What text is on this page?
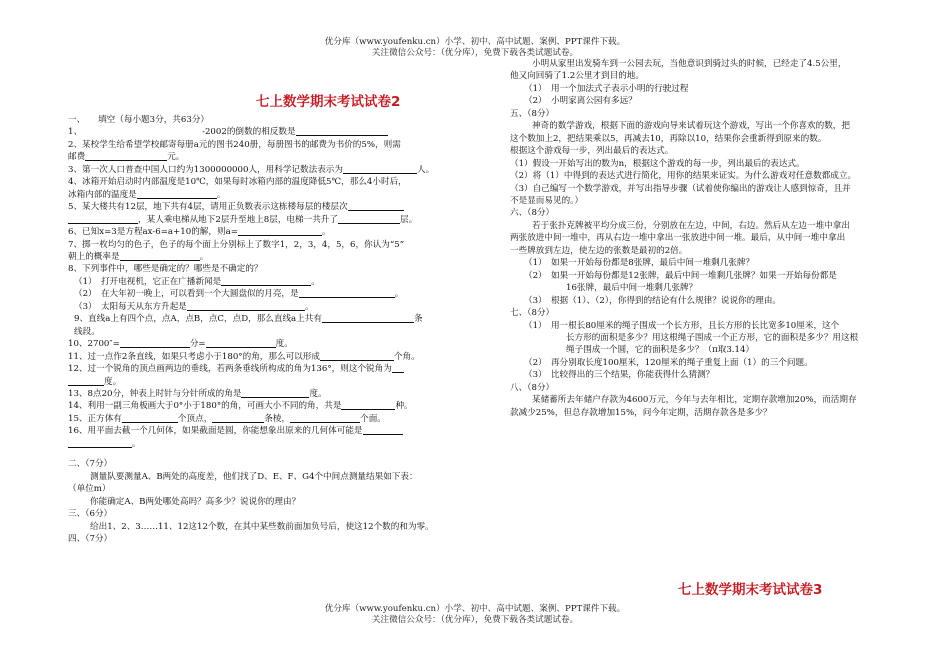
优分库（www.youfenku.cn）小学、初中、高中试题、案例、PPT课件下载。

关注微信公众号：（优分库），免费下载各类试题试卷。

七上数学期末考试试卷2

一、　　填空（每小题3分，共63分）

1、	-2002的倒数的相反数是

2、某校学生给希望学校邮寄每册a元的图书240册，每册图书的邮费为书价的5%，则需

邮费	元。

3、第一次人口普查中国人口约为1300000000人，用科学记数法表示为	人。

4、冰箱开始启动时内部温度是10℃，如果每时冰箱内部的温度降低5℃，那么4小时后，

冰箱内部的温度是	。

5、某大楼共有12层，地下共有4层，请用正负数表示这栋楼每层的楼层次

，某人乘电梯从地下2层升至地上8层，电梯一共升了	层。

6、已知x=3是方程ax-6=a+10的解，则a=	。

7、掷一枚均匀的色子，色子的每个面上分别标上了数字1，2，3，4，5，6，你认为“5”

朝上的概率是	。

8、下列事件中，哪些是确定的？哪些是不确定的？

（1）　打开电视机，它正在广播新闻是	。

（2）　在大年初一晚上，可以看到一个大圆盘似的月亮，是	。

（3）　太阳每天从东方升起是	。

9、直线a上有四个点，点A，点B，点C，点D，那么直线a上共有	条

线段。

10、2700″=	分=	度。

11、过一点作2条直线，如果只考虑小于180°的角，那么可以形成	个角。

12、过一个锐角的顶点画两边的垂线，若两条垂线所构成的角为136°，则这个锐角为

度。

13、8点20分，钟表上时针与分针所成的角是	度。

14、利用一副三角板画大于0°小于180°的角，可画大小不同的角，共是	种。

15、正方体有	个顶点，	条棱，	个面。

16、用平面去截一个几何体，如果截面是圆，你能想象出原来的几何体可能是

。

二、（7分）

测量队要测量A、B两处的高度差，他们找了D、E、F、G4个中间点测量结果如下表：

（单位m）

你能确定A、B两处哪处高吗？高多少？说说你的理由？

三、（6分）

给出1、2、3……11、12这12个数，在其中某些数前面加负号后，使这12个数的和为零。

四、（7分）

小明从家里出发骑车到一公园去玩，当他意识到骑过头的时候，已经走了4.5公里，

他又向回骑了1.2公里才到目的地。

（1）　用一个加法式子表示小明的行驶过程

（2）　小明家离公园有多远？

五、（8分）

神奇的数学游戏，根据下面的游戏向导来试着玩这个游戏，写出一个你喜欢的数，把

这个数加上2，把结果乘以5，再减去10，再除以10，结果你会重新得到原来的数。

根据这个游戏每一步，列出最后的表达式。

（1）假设一开始写出的数为n，根据这个游戏的每一步，列出最后的表达式。

（2）将（1）中得到的表达式进行简化，用你的结果来证实。为什么游戏对任意数都成立。

（3）自己编写一个数学游戏，并写出指导步骤（试着使你编出的游戏让人感到惊奇，且并

不是显而易见的。）

六、（8分）

若于张扑克牌被平均分成三份，分别放在左边，中间，右边。然后从左边一堆中拿出

两张放进中间一堆中，再从右边一堆中拿出一张放进中间一堆。最后，从中间一堆中拿出

一些牌放到左边，使左边的张数是最初的2倍。

（1）　如果一开始每份都是8张牌，最后中间一堆剩几张牌？

（2）　如果一开始每份都是12张牌，最后中间一堆剩几张牌？如果一开始每份都是

16张牌，最后中间一堆剩几张牌？

（3）　根据（1）、（2），你得到的结论有什么规律？说说你的理由。

七、（8分）

（1）　用一根长80厘米的绳子围成一个长方形，且长方形的长比宽多10厘米，这个

长方形的面积是多少？用这根绳子围成一个正方形，它的面积是多少？用这根

绳子围成一个圆，它的面积是多少？（π取3.14）

（2）　再分别取长度100厘米，120厘米的绳子重复上面（1）的三个问题。

（3）　比较得出的三个结果，你能获得什么猜测？

八、（8分）

某储蓄所去年储户存款为4600万元，今年与去年相比，定期存款增加20%，而活期存

款减少25%，但总存款增加15%，问今年定期，活期存款各是多少？

七上数学期末考试试卷3

优分库（www.youfenku.cn）小学、初中、高中试题、案例、PPT课件下载。

关注微信公众号：（优分库），免费下载各类试题试卷。
